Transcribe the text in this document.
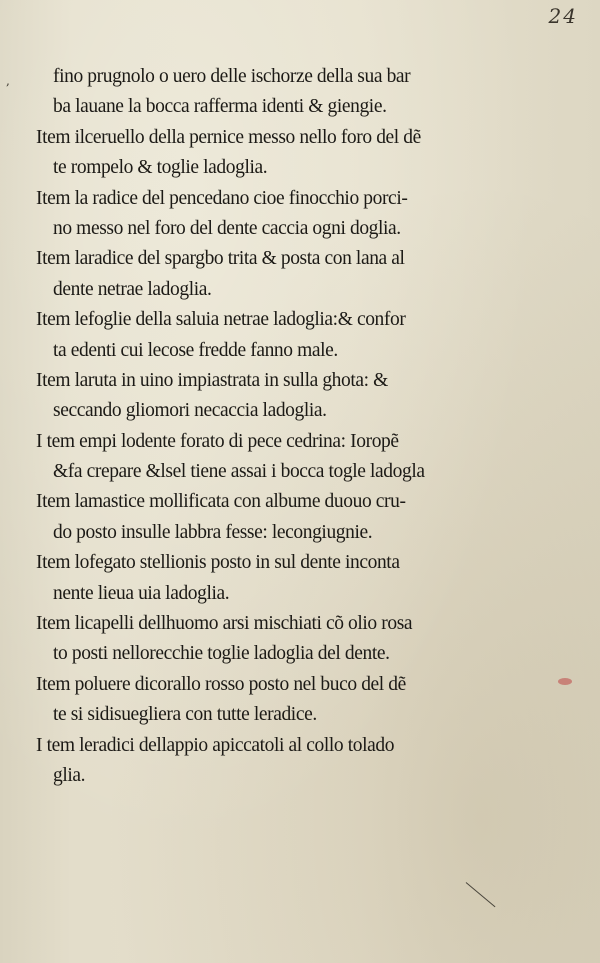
24
,	fino prugnolo o uero delle ischorze della sua bar
ba lauane la bocca rafferma identi & giengie.
Item ilceruello della pernice messo nello foro del dẽ
te rompelo & toglie ladoglia.
Item la radice del pencedano cioe finocchio porci-
no messo nel foro del dente caccia ogni doglia.
Item laradice del spargbo trita & posta con lana al
dente netrae ladoglia.
Item lefoglie della saluia netrae ladoglia:& confor
ta edenti cui lecose fredde fanno male.
Item laruta in uino impiastrata in sulla ghota: &
seccando gliomori necaccia ladoglia.
I tem empi lodente forato di pece cedrina: Ioropẽ
&fa crepare &lsel tiene assai i bocca togle ladogla
Item lamastice mollificata con albume duouo cru-
do posto insulle labbra fesse: lecongiugnie.
Item lofegato stellionis posto in sul dente inconta
nente lieua uia ladoglia.
Item licapelli dellhuomo arsi mischiati cõ olio rosa
to posti nellorecchie toglie ladoglia del dente.
Item poluere dicorallo rosso posto nel buco del dẽ
te si sidisuegliera con tutte leradice.
I tem leradici dellappio apiccatoli al collo toladο
glia.
